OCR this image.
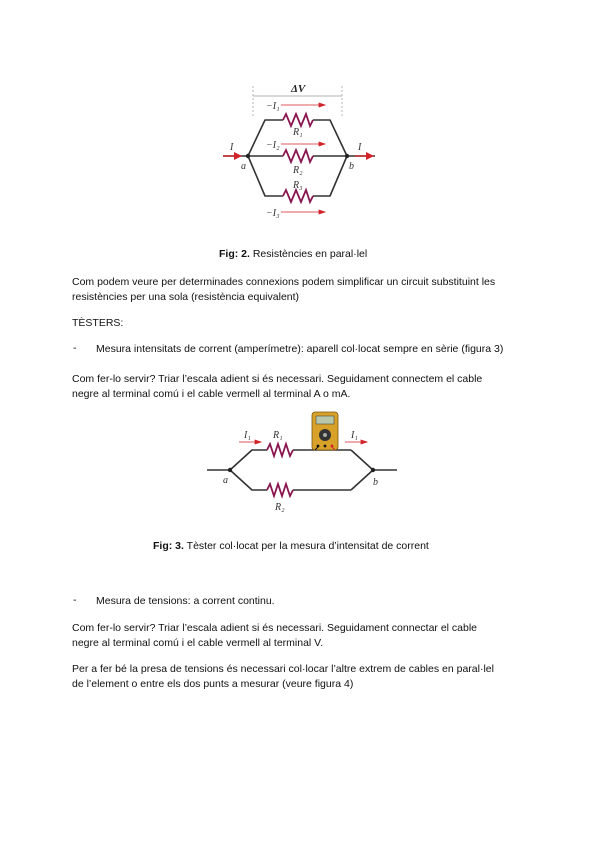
ΔV
−I₁
−I₂
−I₃
R₁
R₂
R₃
I	I
a	b
Fig: 2. Resistències en paral·lel
Com podem veure per determinades connexions podem simplificar un circuit substituint les
resistències per una sola (resistència equivalent)
TÈSTERS:
- Mesura intensitats de corrent (amperímetre): aparell col·locat sempre en sèrie (figura 3)
Com fer-lo servir? Triar l’escala adient si és necessari. Seguidament connectem el cable
negre al terminal comú i el cable vermell al terminal A o mA.
I₁ R₁	I₁
R₂
a	b
Fig: 3. Tèster col·locat per la mesura d’intensitat de corrent
- Mesura de tensions: a corrent continu.
Com fer-lo servir? Triar l’escala adient si és necessari. Seguidament connectar el cable
negre al terminal comú i el cable vermell al terminal V.
Per a fer bé la presa de tensions és necessari col·locar l’altre extrem de cables en paral·lel
de l’element o entre els dos punts a mesurar (veure figura 4)
